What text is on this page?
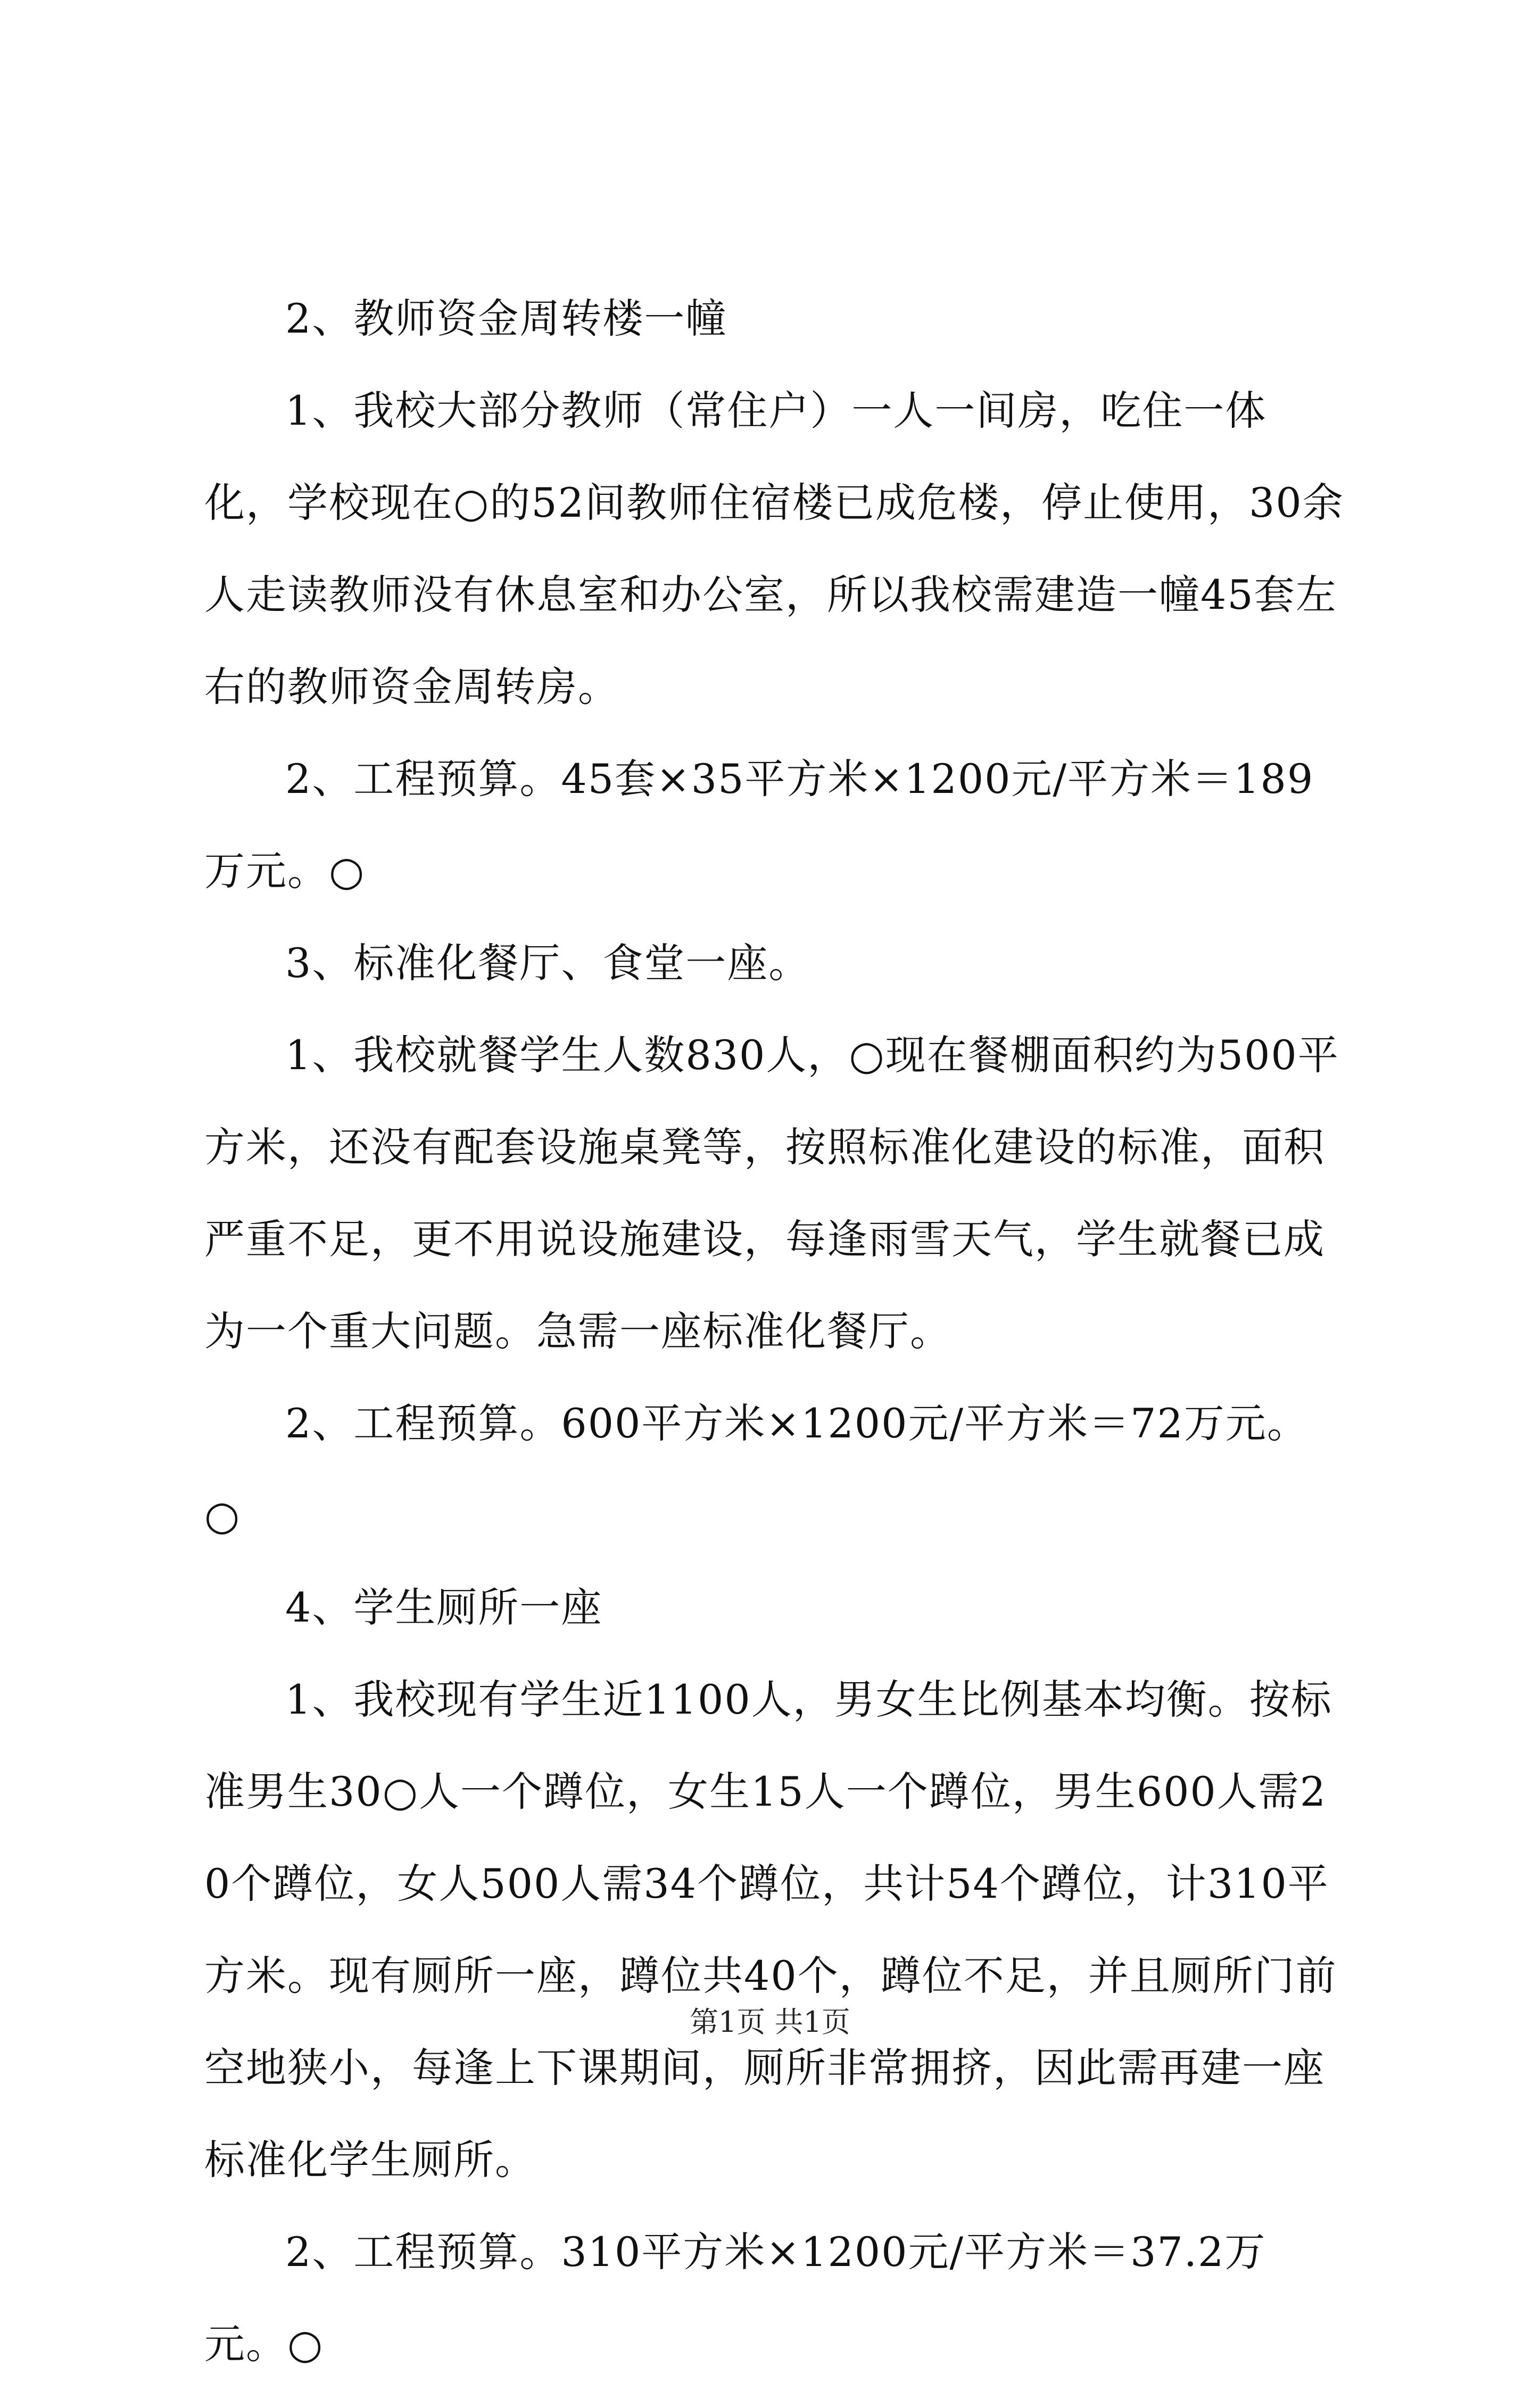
2、教师资金周转楼一幢

1、我校大部分教师（常住户）一人一间房，吃住一体化，学校现在○的52间教师住宿楼已成危楼，停止使用，30余人走读教师没有休息室和办公室，所以我校需建造一幢45套左右的教师资金周转房。

2、工程预算。45套×35平方米×1200元/平方米＝189万元。○

3、标准化餐厅、食堂一座。

1、我校就餐学生人数830人，○现在餐棚面积约为500平方米，还没有配套设施桌凳等，按照标准化建设的标准，面积严重不足，更不用说设施建设，每逢雨雪天气，学生就餐已成为一个重大问题。急需一座标准化餐厅。

2、工程预算。600平方米×1200元/平方米＝72万元。○

4、学生厕所一座

1、我校现有学生近1100人，男女生比例基本均衡。按标准男生30○人一个蹲位，女生15人一个蹲位，男生600人需20个蹲位，女人500人需34个蹲位，共计54个蹲位，计310平方米。现有厕所一座，蹲位共40个，蹲位不足，并且厕所门前空地狭小，每逢上下课期间，厕所非常拥挤，因此需再建一座标准化学生厕所。

2、工程预算。310平方米×1200元/平方米＝37.2万元。○

第1页 共1页
